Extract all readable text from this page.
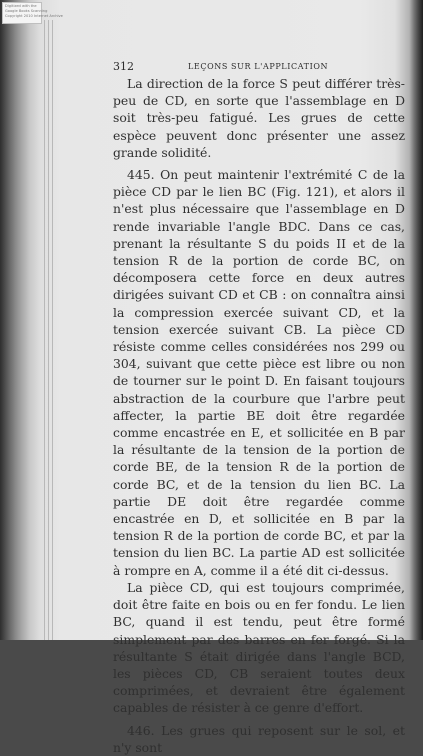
Digitized with the
Google Books Scanning
Copyright 2010 Internet Archive
312	LEÇONS SUR L'APPLICATION

La direction de la force S peut différer très-peu de CD, en sorte que l'assemblage en D soit très-peu fatigué. Les grues de cette espèce peuvent donc présenter une assez grande solidité.

445. On peut maintenir l'extrémité C de la pièce CD par le lien BC (Fig. 121), et alors il n'est plus nécessaire que l'assemblage en D rende invariable l'angle BDC. Dans ce cas, prenant la résultante S du poids II et de la tension R de la portion de corde BC, on décomposera cette force en deux autres dirigées suivant CD et CB : on connaîtra ainsi la compression exercée suivant CD, et la tension exercée suivant CB. La pièce CD résiste comme celles considérées nos 299 ou 304, suivant que cette pièce est libre ou non de tourner sur le point D. En faisant toujours abstraction de la courbure que l'arbre peut affecter, la partie BE doit être regardée comme encastrée en E, et sollicitée en B par la résultante de la tension de la portion de corde BE, de la tension R de la portion de corde BC, et de la tension du lien BC. La partie DE doit être regardée comme encastrée en D, et sollicitée en B par la tension R de la portion de corde BC, et par la tension du lien BC. La partie AD est sollicitée à rompre en A, comme il a été dit ci-dessus.

La pièce CD, qui est toujours comprimée, doit être faite en bois ou en fer fondu. Le lien BC, quand il est tendu, peut être formé simplement par des barres en fer forgé. Si la résultante S était dirigée dans l'angle BCD, les pièces CD, CB seraient toutes deux comprimées, et devraient être également capables de résister à ce genre d'effort.

446. Les grues qui reposent sur le sol, et n'y sont
